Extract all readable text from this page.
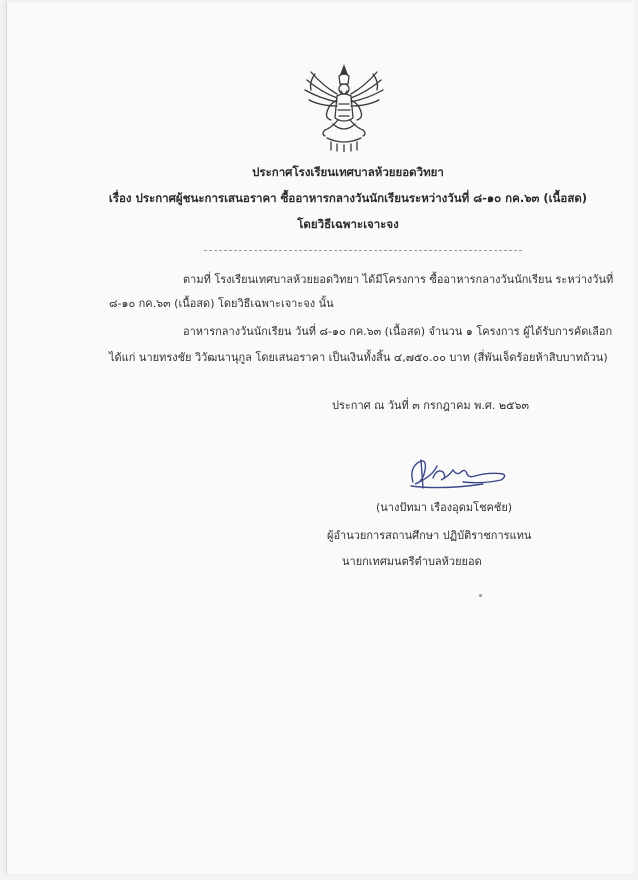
ประกาศโรงเรียนเทศบาลห้วยยอดวิทยา
เรื่อง ประกาศผู้ชนะการเสนอราคา ซื้ออาหารกลางวันนักเรียนระหว่างวันที่ ๘-๑๐ กค.๖๓ (เนื้อสด)
โดยวิธีเฉพาะเจาะจง
ตามที่ โรงเรียนเทศบาลห้วยยอดวิทยา ได้มีโครงการ ซื้ออาหารกลางวันนักเรียน ระหว่างวันที่
๘-๑๐ กค.๖๓ (เนื้อสด) โดยวิธีเฉพาะเจาะจง นั้น
อาหารกลางวันนักเรียน วันที่ ๘-๑๐ กค.๖๓ (เนื้อสด) จำนวน ๑ โครงการ ผู้ได้รับการคัดเลือก
ได้แก่ นายทรงชัย วิวัฒนานุกูล โดยเสนอราคา เป็นเงินทั้งสิ้น ๔,๗๕๐.๐๐ บาท (สี่พันเจ็ดร้อยห้าสิบบาทถ้วน)
ประกาศ ณ วันที่ ๓ กรกฎาคม พ.ศ. ๒๕๖๓
(นางปัทมา เรืองอุดมโชคชัย)
ผู้อำนวยการสถานศึกษา ปฏิบัติราชการแทน
นายกเทศมนตรีตำบลห้วยยอด
